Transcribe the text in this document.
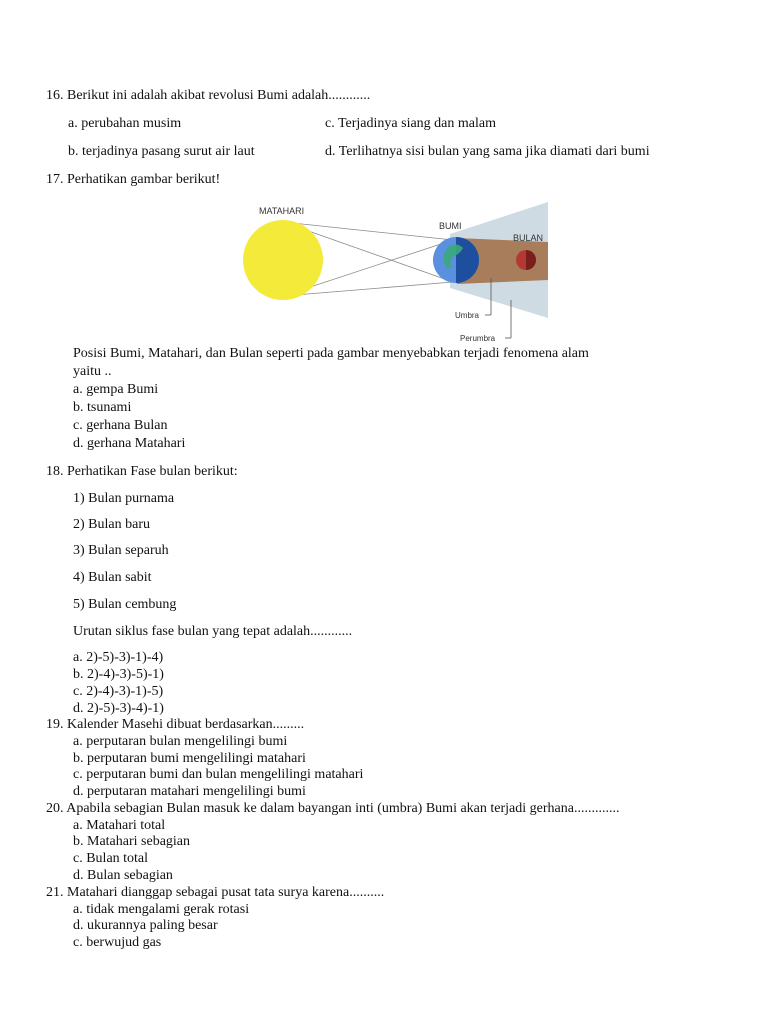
16. Berikut ini adalah akibat revolusi Bumi adalah............
a. perubahan musim	c. Terjadinya siang dan malam
b. terjadinya pasang surut air laut	d. Terlihatnya sisi bulan yang sama jika diamati dari bumi
17. Perhatikan gambar berikut!
MATAHARI
BUMI
BULAN
Umbra
Perumbra
Posisi Bumi, Matahari, dan Bulan seperti pada gambar menyebabkan terjadi fenomena alam
yaitu ..
a. gempa Bumi
b. tsunami
c. gerhana Bulan
d. gerhana Matahari
18. Perhatikan Fase bulan berikut:
1) Bulan purnama
2) Bulan baru
3) Bulan separuh
4) Bulan sabit
5) Bulan cembung
Urutan siklus fase bulan yang tepat adalah............
a. 2)-5)-3)-1)-4)
b. 2)-4)-3)-5)-1)
c. 2)-4)-3)-1)-5)
d. 2)-5)-3)-4)-1)
19. Kalender Masehi dibuat berdasarkan.........
a. perputaran bulan mengelilingi bumi
b. perputaran bumi mengelilingi matahari
c. perputaran bumi dan bulan mengelilingi matahari
d. perputaran matahari mengelilingi bumi
20. Apabila sebagian Bulan masuk ke dalam bayangan inti (umbra) Bumi akan terjadi gerhana.............
a. Matahari total
b. Matahari sebagian
c. Bulan total
d. Bulan sebagian
21. Matahari dianggap sebagai pusat tata surya karena..........
a. tidak mengalami gerak rotasi
d. ukurannya paling besar
c. berwujud gas
